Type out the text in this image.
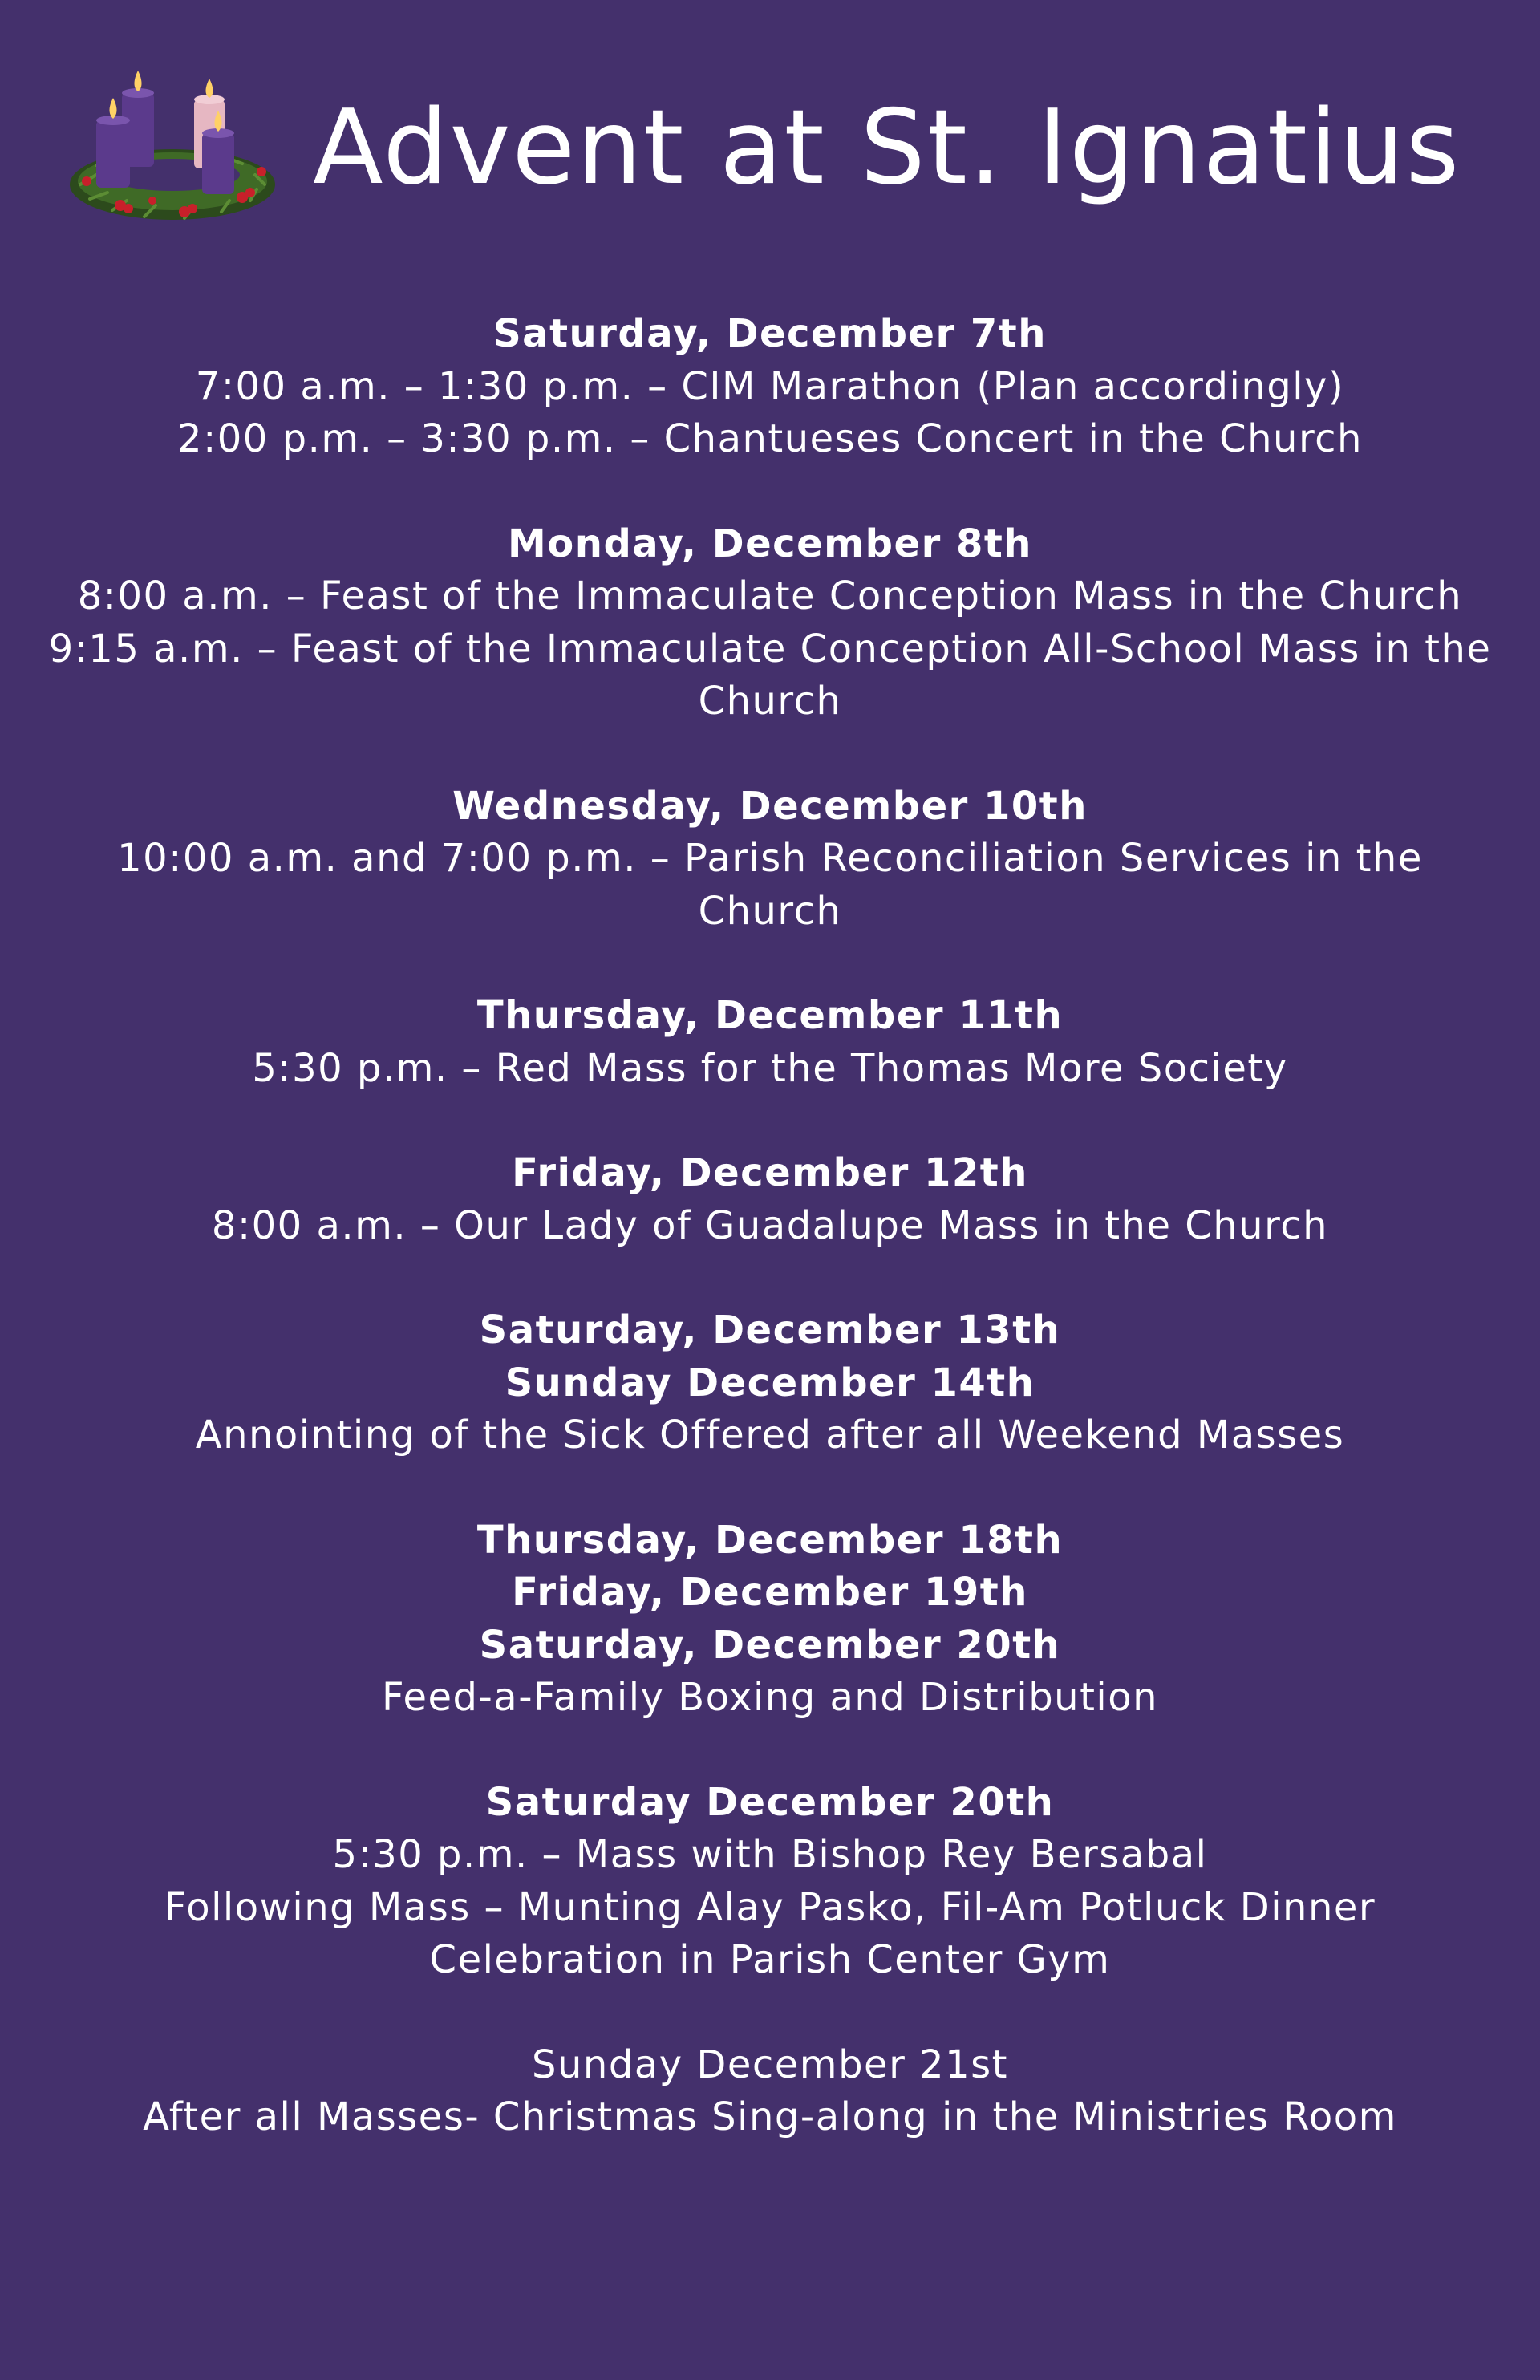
Advent at St. Ignatius
Saturday, December 7th
7:00 a.m. – 1:30 p.m. – CIM Marathon (Plan accordingly)
2:00 p.m. – 3:30 p.m. – Chantueses Concert in the Church
Monday, December 8th
8:00 a.m. – Feast of the Immaculate Conception Mass in the Church
9:15 a.m. – Feast of the Immaculate Conception All-School Mass in the Church
Wednesday, December 10th
10:00 a.m. and 7:00 p.m. – Parish Reconciliation Services in the Church
Thursday, December 11th
5:30 p.m. – Red Mass for the Thomas More Society
Friday, December 12th
8:00 a.m. – Our Lady of Guadalupe Mass in the Church
Saturday, December 13th
Sunday December 14th
Annointing of the Sick Offered after all Weekend Masses
Thursday, December 18th
Friday, December 19th
Saturday, December 20th
Feed-a-Family Boxing and Distribution
Saturday December 20th
5:30 p.m. – Mass with Bishop Rey Bersabal
Following Mass – Munting Alay Pasko, Fil-Am Potluck Dinner Celebration in Parish Center Gym
Sunday December 21st
After all Masses- Christmas Sing-along in the Ministries Room
